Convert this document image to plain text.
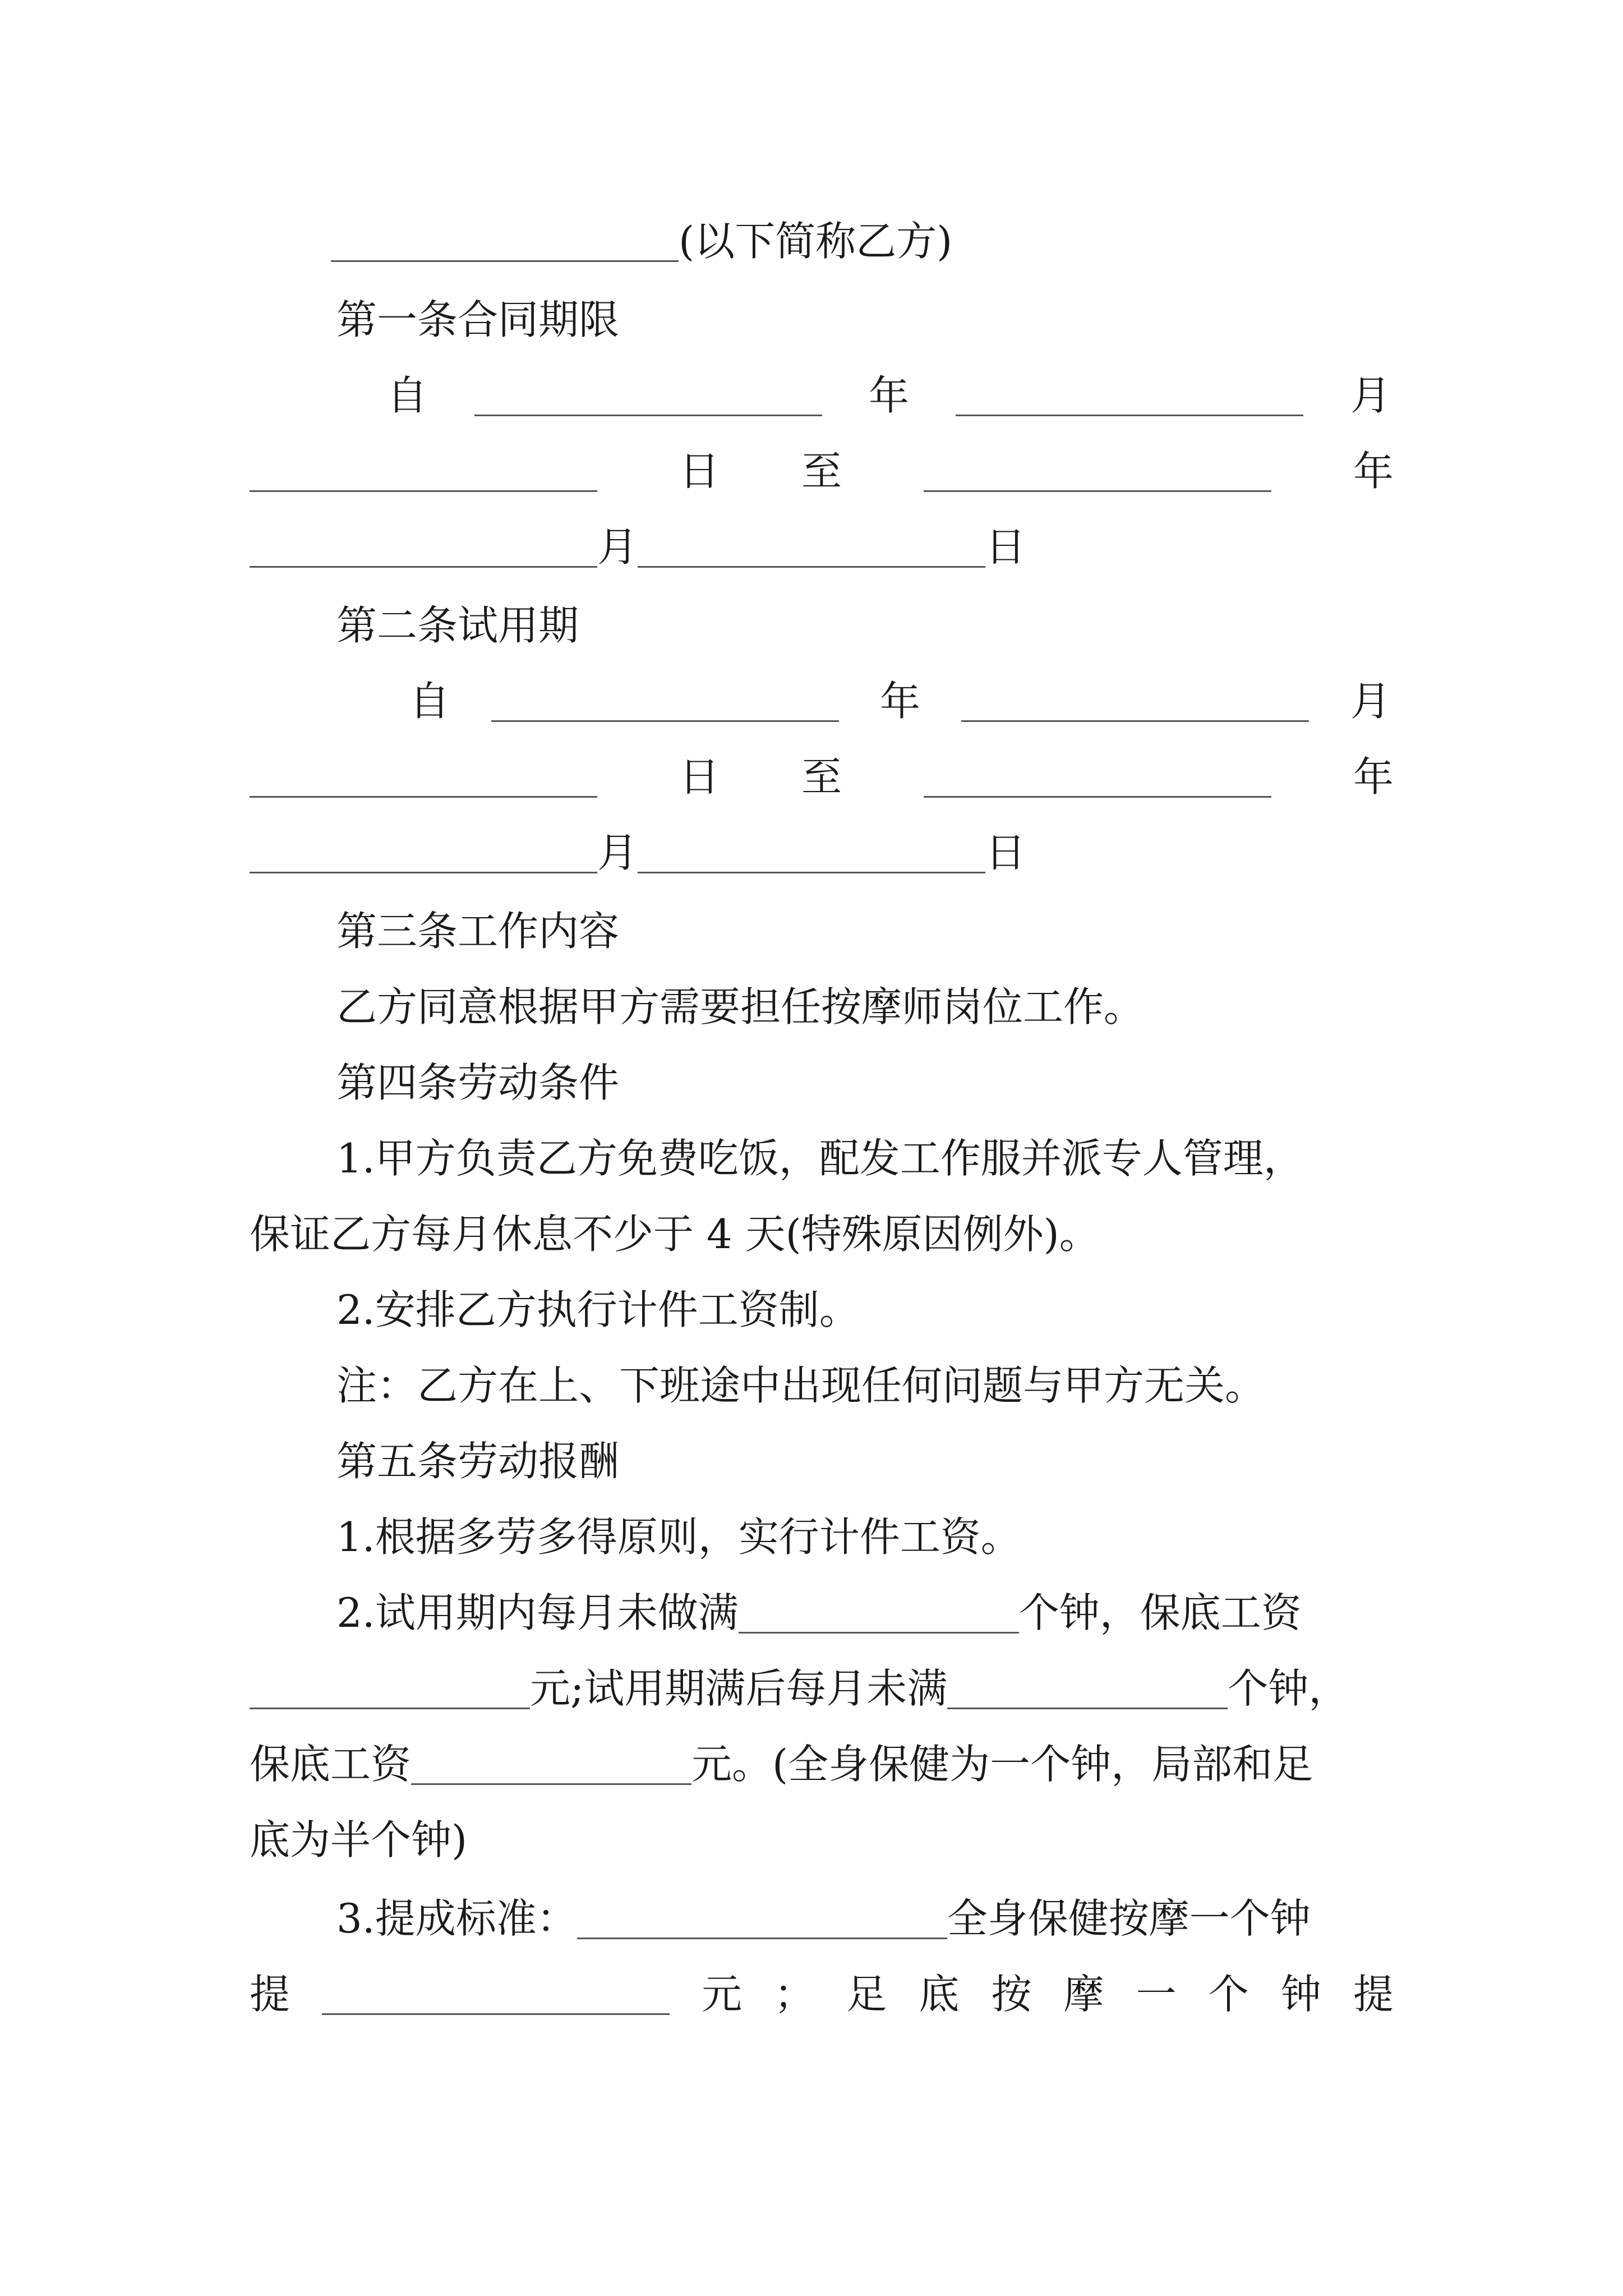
(以下简称乙方)
第一条合同期限
自	年	月
日 至	年
月	日
第二条试用期
自	年	月
日 至	年
月	日
第三条工作内容
乙方同意根据甲方需要担任按摩师岗位工作。
第四条劳动条件
1.甲方负责乙方免费吃饭，配发工作服并派专人管理，
保证乙方每月休息不少于 4 天(特殊原因例外)。
2.安排乙方执行计件工资制。
注：乙方在上、下班途中出现任何问题与甲方无关。
第五条劳动报酬
1.根据多劳多得原则，实行计件工资。
2.试用期内每月未做满	个钟，保底工资
元;试用期满后每月未满	个钟，
保底工资	元。(全身保健为一个钟，局部和足
底为半个钟)
3.提成标准：	全身保健按摩一个钟
提	元 ； 足 底 按 摩 一 个 钟 提
